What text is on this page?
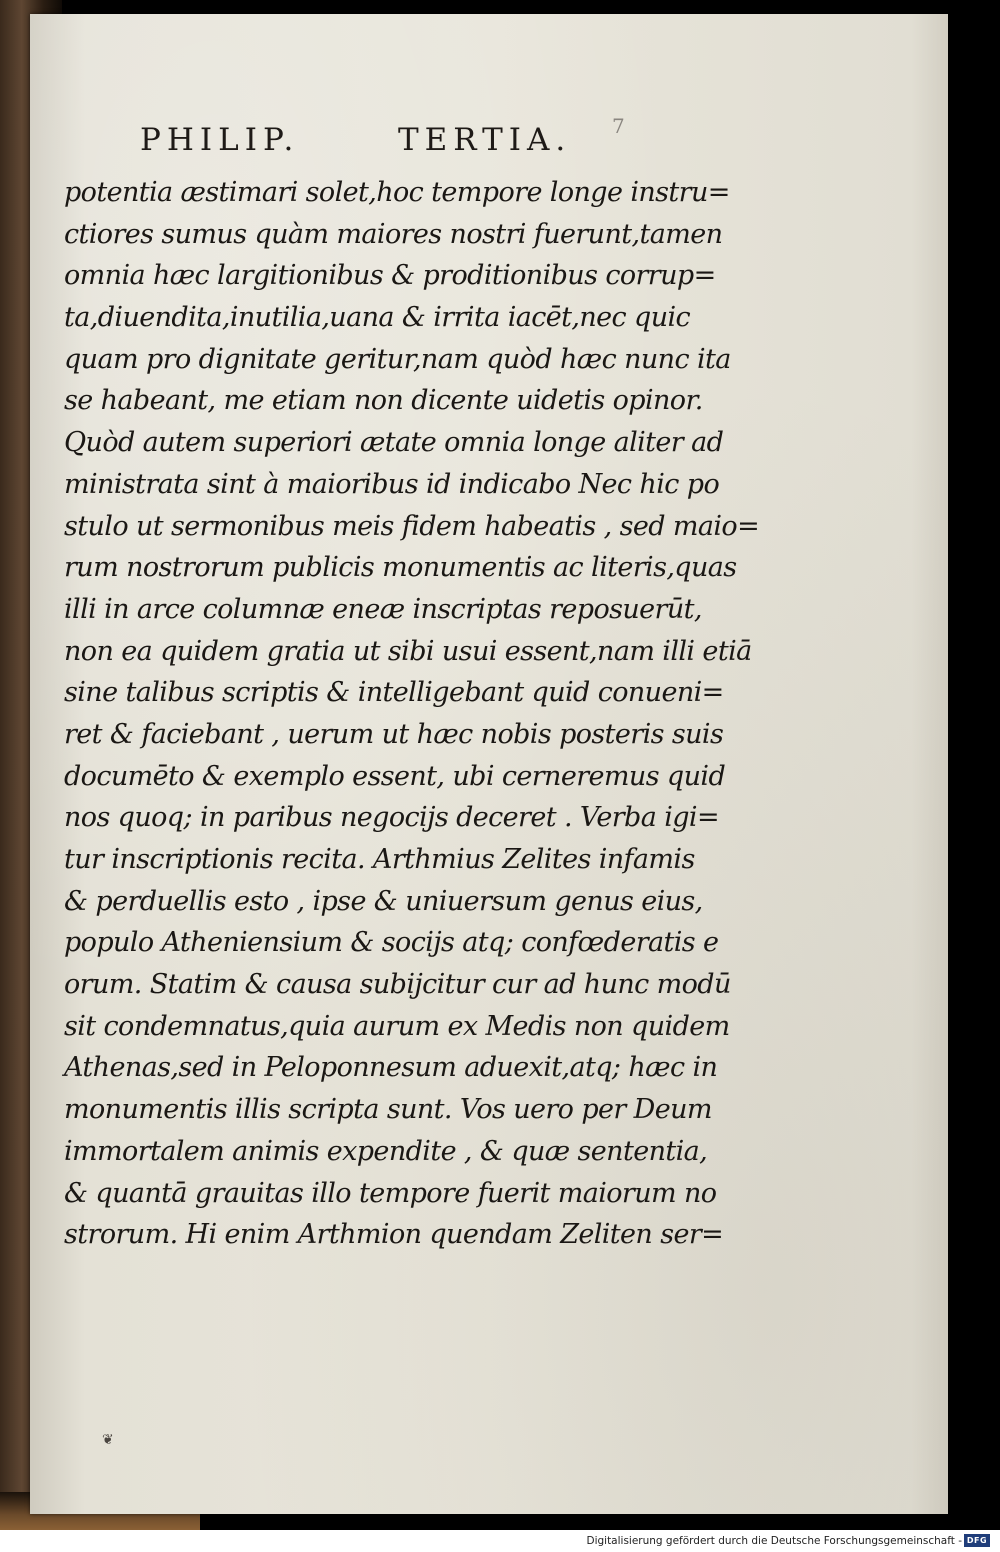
PHILIP.	TERTIA. 7
potentia æstimari solet,hoc tempore longe instru=
ctiores sumus quàm maiores nostri fuerunt,tamen
omnia hæc largitionibus & proditionibus corrup=
ta,diuendita,inutilia,uana & irrita iacēt,nec quic
quam pro dignitate geritur,nam quòd hæc nunc ita
se habeant, me etiam non dicente uidetis opinor.
Quòd autem superiori ætate omnia longe aliter ad
ministrata sint à maioribus id indicabo Nec hic po
stulo ut sermonibus meis fidem habeatis , sed maio=
rum nostrorum publicis monumentis ac literis,quas
illi in arce columnæ eneæ inscriptas reposuerūt,
non ea quidem gratia ut sibi usui essent,nam illi etiā
sine talibus scriptis & intelligebant quid conueni=
ret & faciebant , uerum ut hæc nobis posteris suis
documēto & exemplo essent, ubi cerneremus quid
nos quoq; in paribus negocijs deceret . Verba igi=
tur inscriptionis recita. Arthmius Zelites infamis
& perduellis esto , ipse & uniuersum genus eius,
populo Atheniensium & socijs atq; confœderatis e
orum. Statim & causa subijcitur cur ad hunc modū
sit condemnatus,quia aurum ex Medis non quidem
Athenas,sed in Peloponnesum aduexit,atq; hæc in
monumentis illis scripta sunt. Vos uero per Deum
immortalem animis expendite , & quæ sententia,
& quantā grauitas illo tempore fuerit maiorum no
strorum. Hi enim Arthmion quendam Zeliten ser=
❦
Digitalisierung gefördert durch die Deutsche Forschungsgemeinschaft - DFG
